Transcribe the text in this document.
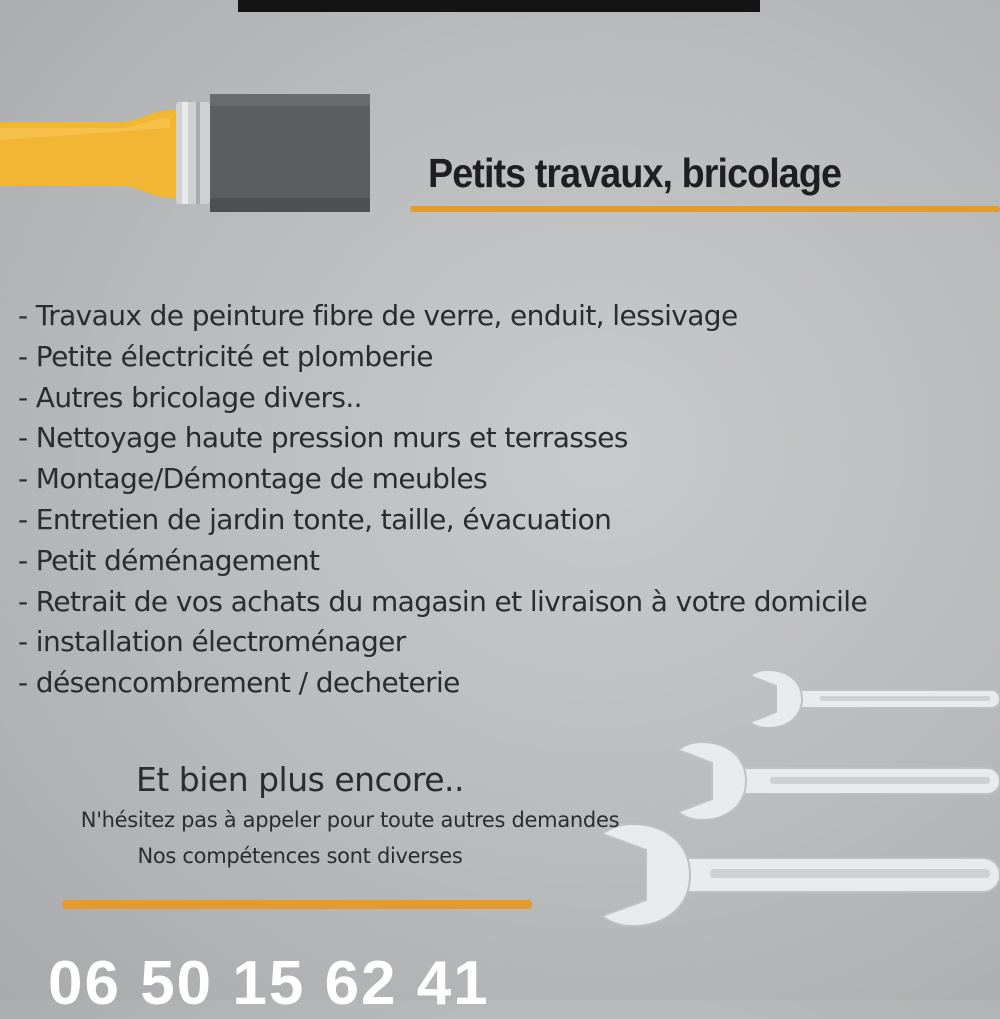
Petits travaux, bricolage
- Travaux de peinture fibre de verre, enduit, lessivage
- Petite électricité et plomberie
- Autres bricolage divers..
- Nettoyage haute pression murs et terrasses
- Montage/Démontage de meubles
- Entretien de jardin tonte, taille, évacuation
- Petit déménagement
- Retrait de vos achats du magasin et livraison à votre domicile
- installation électroménager
- désencombrement / decheterie
Et bien plus encore..
N'hésitez pas à appeler pour toute autres demandes
Nos compétences sont diverses
06 50 15 62 41
